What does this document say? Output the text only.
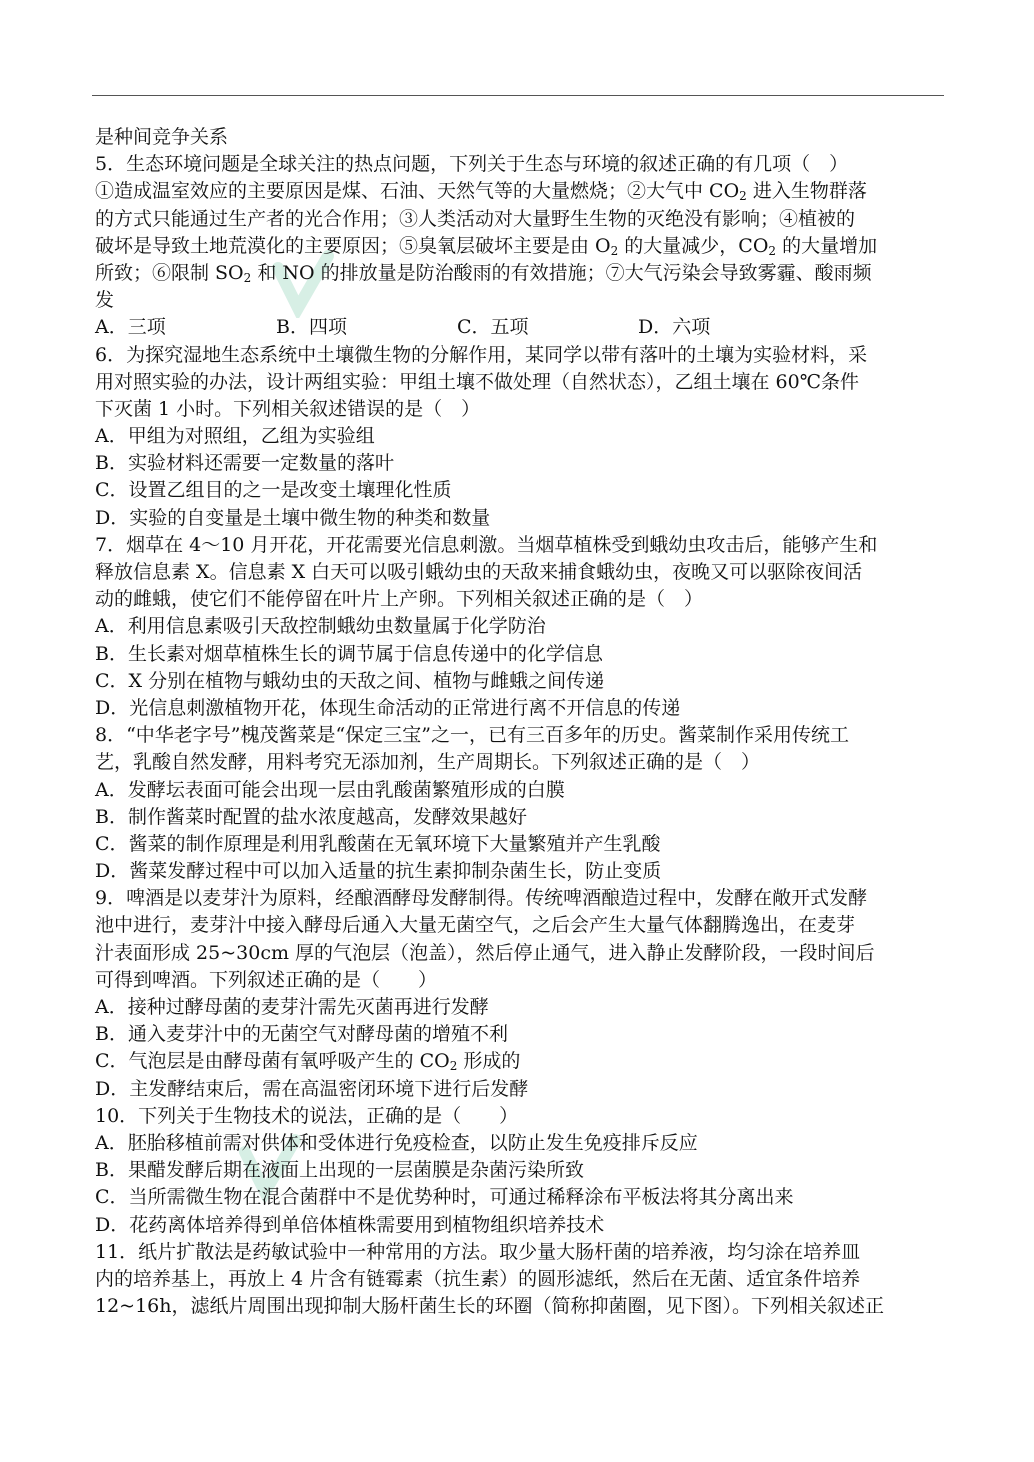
是种间竞争关系
5．生态环境问题是全球关注的热点问题，下列关于生态与环境的叙述正确的有几项（　）
①造成温室效应的主要原因是煤、石油、天然气等的大量燃烧；②大气中 $CO_2$ 进入生物群落
的方式只能通过生产者的光合作用；③人类活动对大量野生生物的灭绝没有影响；④植被的
破坏是导致土地荒漠化的主要原因；⑤臭氧层破坏主要是由 $O_2$ 的大量减少，$CO_2$ 的大量增加
所致；⑥限制 $SO_2$ 和 NO 的排放量是防治酸雨的有效措施；⑦大气污染会导致雾霾、酸雨频
发
A．三项	B．四项	C．五项	D．六项
6．为探究湿地生态系统中土壤微生物的分解作用，某同学以带有落叶的土壤为实验材料，采
用对照实验的办法，设计两组实验：甲组土壤不做处理（自然状态），乙组土壤在 60℃条件
下灭菌 1 小时。下列相关叙述错误的是（　）
A．甲组为对照组，乙组为实验组
B．实验材料还需要一定数量的落叶
C．设置乙组目的之一是改变土壤理化性质
D．实验的自变量是土壤中微生物的种类和数量
7．烟草在 4～10 月开花，开花需要光信息刺激。当烟草植株受到蛾幼虫攻击后，能够产生和
释放信息素 X。信息素 X 白天可以吸引蛾幼虫的天敌来捕食蛾幼虫，夜晚又可以驱除夜间活
动的雌蛾，使它们不能停留在叶片上产卵。下列相关叙述正确的是（　）
A．利用信息素吸引天敌控制蛾幼虫数量属于化学防治
B．生长素对烟草植株生长的调节属于信息传递中的化学信息
C．X 分别在植物与蛾幼虫的天敌之间、植物与雌蛾之间传递
D．光信息刺激植物开花，体现生命活动的正常进行离不开信息的传递
8．“中华老字号”槐茂酱菜是“保定三宝”之一，已有三百多年的历史。酱菜制作采用传统工
艺，乳酸自然发酵，用料考究无添加剂，生产周期长。下列叙述正确的是（　）
A．发酵坛表面可能会出现一层由乳酸菌繁殖形成的白膜
B．制作酱菜时配置的盐水浓度越高，发酵效果越好
C．酱菜的制作原理是利用乳酸菌在无氧环境下大量繁殖并产生乳酸
D．酱菜发酵过程中可以加入适量的抗生素抑制杂菌生长，防止变质
9．啤酒是以麦芽汁为原料，经酿酒酵母发酵制得。传统啤酒酿造过程中，发酵在敞开式发酵
池中进行，麦芽汁中接入酵母后通入大量无菌空气，之后会产生大量气体翻腾逸出，在麦芽
汁表面形成 25~30cm 厚的气泡层（泡盖），然后停止通气，进入静止发酵阶段，一段时间后
可得到啤酒。下列叙述正确的是（　　）
A．接种过酵母菌的麦芽汁需先灭菌再进行发酵
B．通入麦芽汁中的无菌空气对酵母菌的增殖不利
C．气泡层是由酵母菌有氧呼吸产生的 $CO_2$ 形成的
D．主发酵结束后，需在高温密闭环境下进行后发酵
10．下列关于生物技术的说法，正确的是（　　）
A．胚胎移植前需对供体和受体进行免疫检查，以防止发生免疫排斥反应
B．果醋发酵后期在液面上出现的一层菌膜是杂菌污染所致
C．当所需微生物在混合菌群中不是优势种时，可通过稀释涂布平板法将其分离出来
D．花药离体培养得到单倍体植株需要用到植物组织培养技术
11．纸片扩散法是药敏试验中一种常用的方法。取少量大肠杆菌的培养液，均匀涂在培养皿
内的培养基上，再放上 4 片含有链霉素（抗生素）的圆形滤纸，然后在无菌、适宜条件培养
12~16h，滤纸片周围出现抑制大肠杆菌生长的环圈（简称抑菌圈，见下图）。下列相关叙述正
